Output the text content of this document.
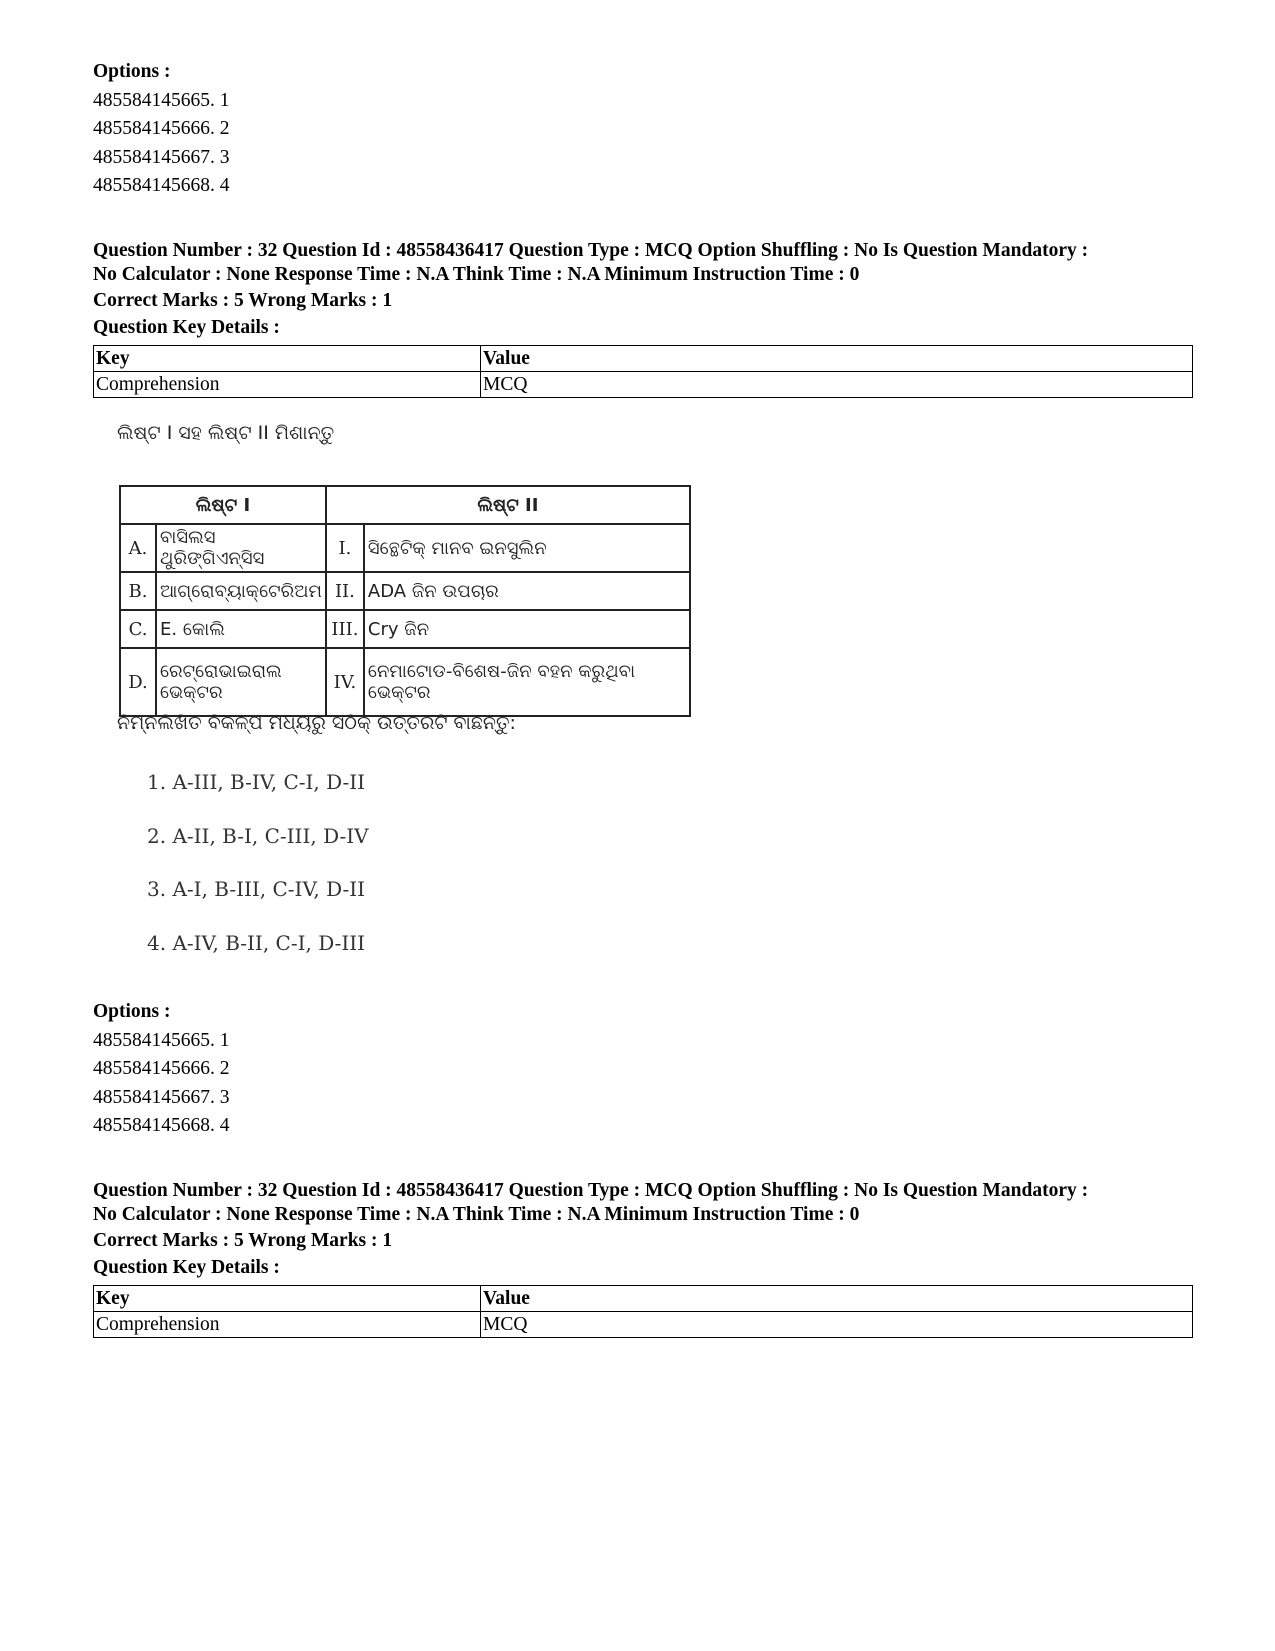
Options :
485584145665. 1
485584145666. 2
485584145667. 3
485584145668. 4
Question Number : 32 Question Id : 48558436417 Question Type : MCQ Option Shuffling : No Is Question Mandatory :
No Calculator : None Response Time : N.A Think Time : N.A Minimum Instruction Time : 0
Correct Marks : 5 Wrong Marks : 1
Question Key Details :
Key	Value
Comprehension	MCQ
ଲିଷ୍ଟ I ସହ ଲିଷ୍ଟ II ମିଶାନ୍ତୁ
ଲିଷ୍ଟ I		ଲିଷ୍ଟ II	
A.	ବାସିଲସ ଥୁରିଙ୍ଗିଏନ୍ସିସ	I.	ସିନ୍ଥେଟିକ୍ ମାନବ ଇନସୁଲିନ
B.	ଆଗ୍ରୋବ୍ୟାକ୍ଟେରିଅମ	II.	ADA ଜିନ ଉପଚାର
C.	E. କୋଲି	III.	Cry ଜିନ
D.	ରେଟ୍ରୋଭାଇରାଲ ଭେକ୍ଟର	IV.	ନେମାଟୋଡ-ବିଶେଷ-ଜିନ ବହନ କରୁଥିବା ଭେକ୍ଟର
ନିମ୍ନଲିଖିତ ବିକଳ୍ପ ମଧ୍ୟରୁ ସଠିକ୍ ଉତ୍ତରଟି ବାଛନ୍ତୁ:
1. A-III, B-IV, C-I, D-II
2. A-II, B-I, C-III, D-IV
3. A-I, B-III, C-IV, D-II
4. A-IV, B-II, C-I, D-III
Options :
485584145665. 1
485584145666. 2
485584145667. 3
485584145668. 4
Question Number : 32 Question Id : 48558436417 Question Type : MCQ Option Shuffling : No Is Question Mandatory :
No Calculator : None Response Time : N.A Think Time : N.A Minimum Instruction Time : 0
Correct Marks : 5 Wrong Marks : 1
Question Key Details :
Key	Value
Comprehension	MCQ
